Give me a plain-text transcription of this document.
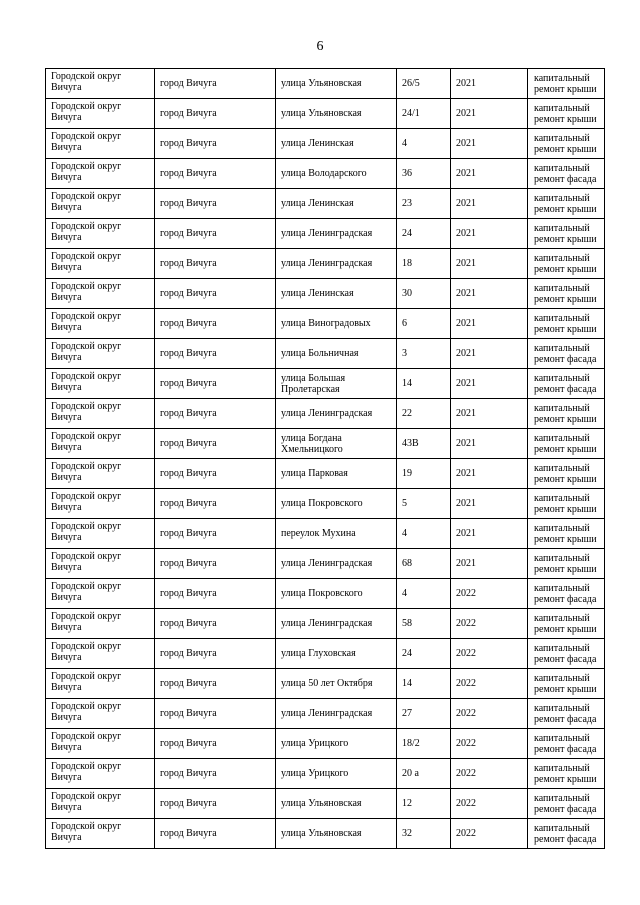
6
Городской округ Вичуга	город Вичуга	улица Ульяновская	26/5	2021	капитальный ремонт крыши
Городской округ Вичуга	город Вичуга	улица Ульяновская	24/1	2021	капитальный ремонт крыши
Городской округ Вичуга	город Вичуга	улица Ленинская	4	2021	капитальный ремонт крыши
Городской округ Вичуга	город Вичуга	улица Володарского	36	2021	капитальный ремонт фасада
Городской округ Вичуга	город Вичуга	улица Ленинская	23	2021	капитальный ремонт крыши
Городской округ Вичуга	город Вичуга	улица Ленинградская	24	2021	капитальный ремонт крыши
Городской округ Вичуга	город Вичуга	улица Ленинградская	18	2021	капитальный ремонт крыши
Городской округ Вичуга	город Вичуга	улица Ленинская	30	2021	капитальный ремонт крыши
Городской округ Вичуга	город Вичуга	улица Виноградовых	6	2021	капитальный ремонт крыши
Городской округ Вичуга	город Вичуга	улица Больничная	3	2021	капитальный ремонт фасада
Городской округ Вичуга	город Вичуга	улица Большая Пролетарская	14	2021	капитальный ремонт фасада
Городской округ Вичуга	город Вичуга	улица Ленинградская	22	2021	капитальный ремонт крыши
Городской округ Вичуга	город Вичуга	улица Богдана Хмельницкого	43В	2021	капитальный ремонт крыши
Городской округ Вичуга	город Вичуга	улица Парковая	19	2021	капитальный ремонт крыши
Городской округ Вичуга	город Вичуга	улица Покровского	5	2021	капитальный ремонт крыши
Городской округ Вичуга	город Вичуга	переулок Мухина	4	2021	капитальный ремонт крыши
Городской округ Вичуга	город Вичуга	улица Ленинградская	68	2021	капитальный ремонт крыши
Городской округ Вичуга	город Вичуга	улица Покровского	4	2022	капитальный ремонт фасада
Городской округ Вичуга	город Вичуга	улица Ленинградская	58	2022	капитальный ремонт крыши
Городской округ Вичуга	город Вичуга	улица Глуховская	24	2022	капитальный ремонт фасада
Городской округ Вичуга	город Вичуга	улица 50 лет Октября	14	2022	капитальный ремонт крыши
Городской округ Вичуга	город Вичуга	улица Ленинградская	27	2022	капитальный ремонт фасада
Городской округ Вичуга	город Вичуга	улица Урицкого	18/2	2022	капитальный ремонт фасада
Городской округ Вичуга	город Вичуга	улица Урицкого	20 а	2022	капитальный ремонт крыши
Городской округ Вичуга	город Вичуга	улица Ульяновская	12	2022	капитальный ремонт фасада
Городской округ Вичуга	город Вичуга	улица Ульяновская	32	2022	капитальный ремонт фасада
